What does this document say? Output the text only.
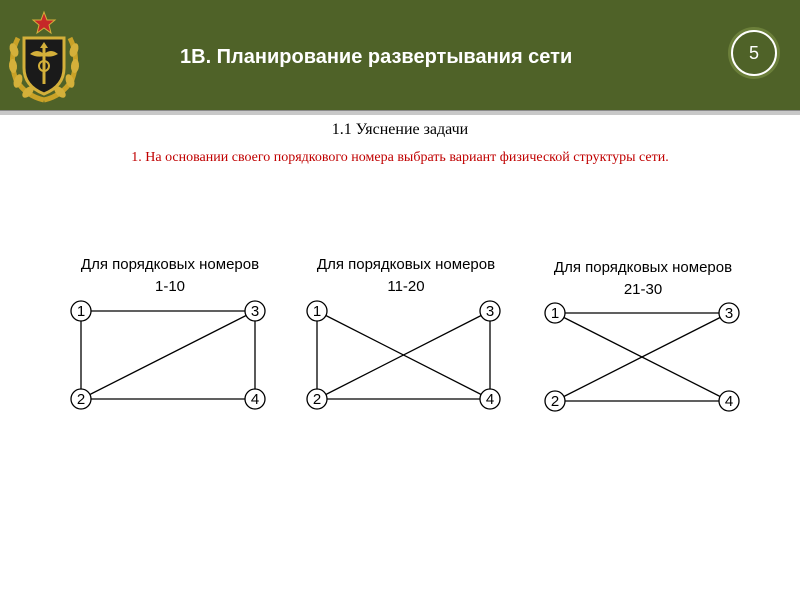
1В. Планирование развертывания сети	5
1.1 Уяснение задачи
1. На основании своего порядкового номера выбрать вариант физической структуры сети.
Для порядковых номеров
1-10
Для порядковых номеров
11-20
Для порядковых номеров
21-30
1
2
3
4
1
2
3
4
1
2
3
4
